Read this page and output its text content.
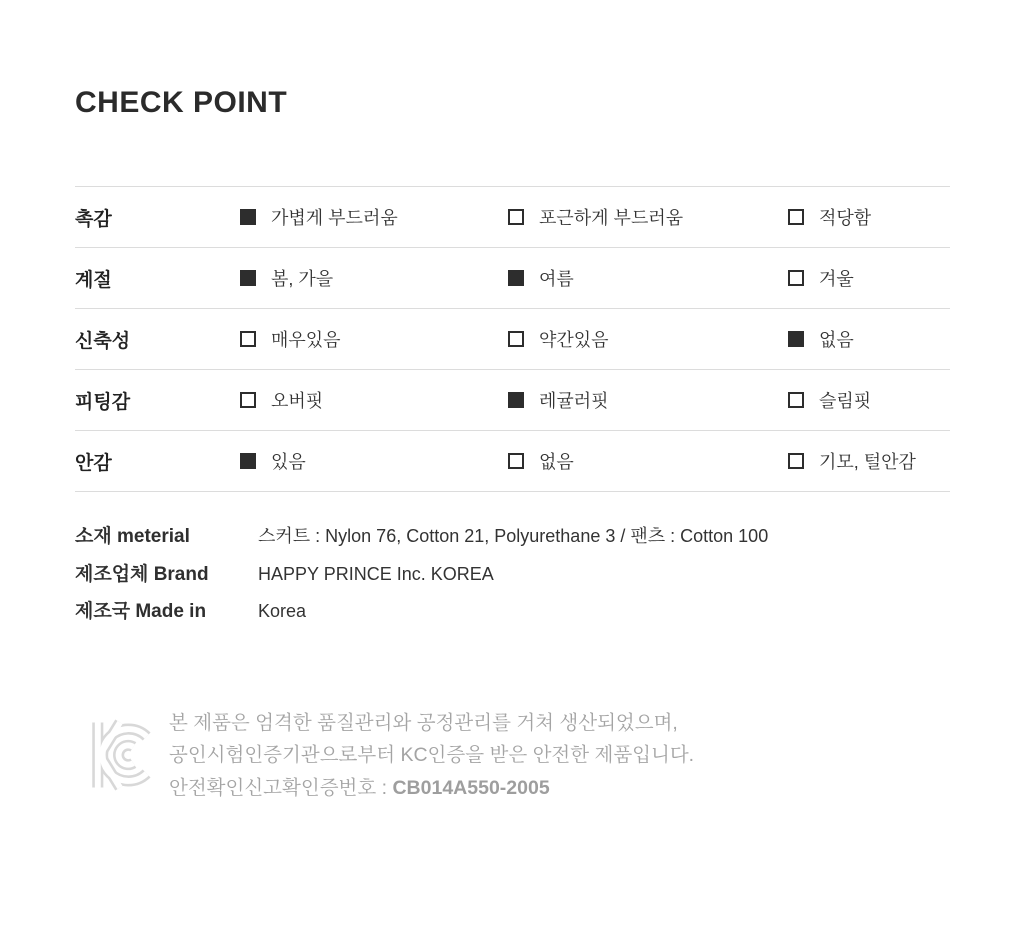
CHECK POINT
촉감	가볍게 부드러움	포근하게 부드러움	적당함
계절	봄, 가을	여름	겨울
신축성	매우있음	약간있음	없음
피팅감	오버핏	레귤러핏	슬림핏
안감	있음	없음	기모, 털안감
소재 meterial	스커트 : Nylon 76, Cotton 21, Polyurethane 3 / 팬츠 : Cotton 100
제조업체 Brand	HAPPY PRINCE Inc. KOREA
제조국 Made in	Korea
본 제품은 엄격한 품질관리와 공정관리를 거쳐 생산되었으며,
공인시험인증기관으로부터 KC인증을 받은 안전한 제품입니다.
안전확인신고확인증번호 : CB014A550-2005
